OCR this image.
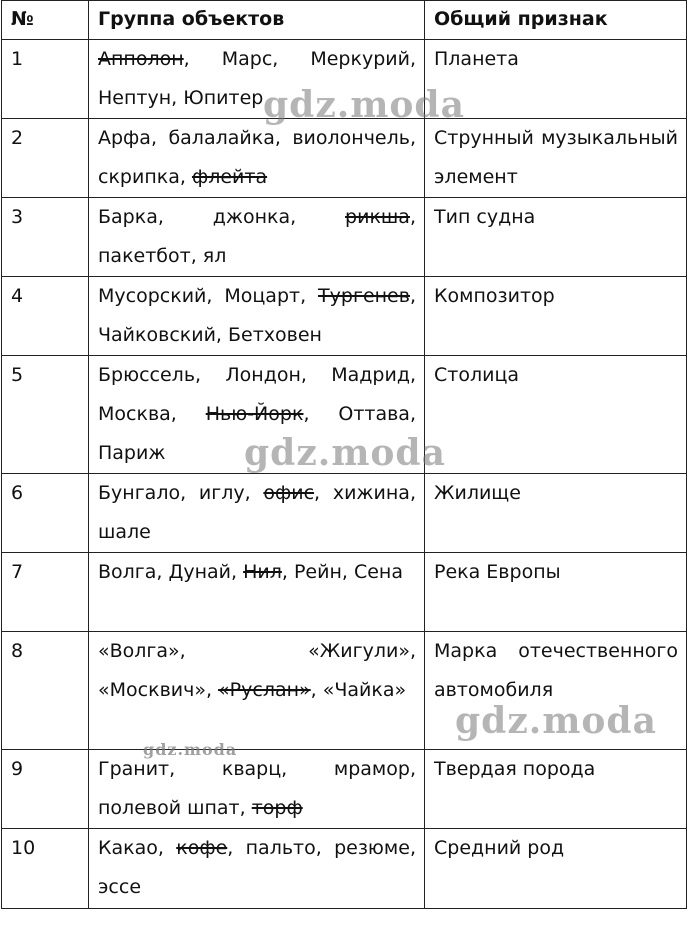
№	Группа объектов	Общий признак
1	Апполон, Марс, Меркурий, Нептун, Юпитер	Планета
2	Арфа, балалайка, виолончель, скрипка, флейта	Струнный музыкальный элемент
3	Барка, джонка, рикша, пакетбот, ял	Тип судна
4	Мусорский, Моцарт, Тургенев, Чайковский, Бетховен	Композитор
5	Брюссель, Лондон, Мадрид, Москва, Нью-Йорк, Оттава, Париж	Столица
6	Бунгало, иглу, офис, хижина, шале	Жилище
7	Волга, Дунай, Нил, Рейн, Сена	Река Европы
8	«Волга», «Жигули», «Москвич», «Руслан», «Чайка»	Марка отечественного автомобиля
9	Гранит, кварц, мрамор, полевой шпат, торф	Твердая порода
10	Какао, кофе, пальто, резюме, эссе	Средний род
gdz.moda
gdz.moda
gdz.moda
gdz.moda
